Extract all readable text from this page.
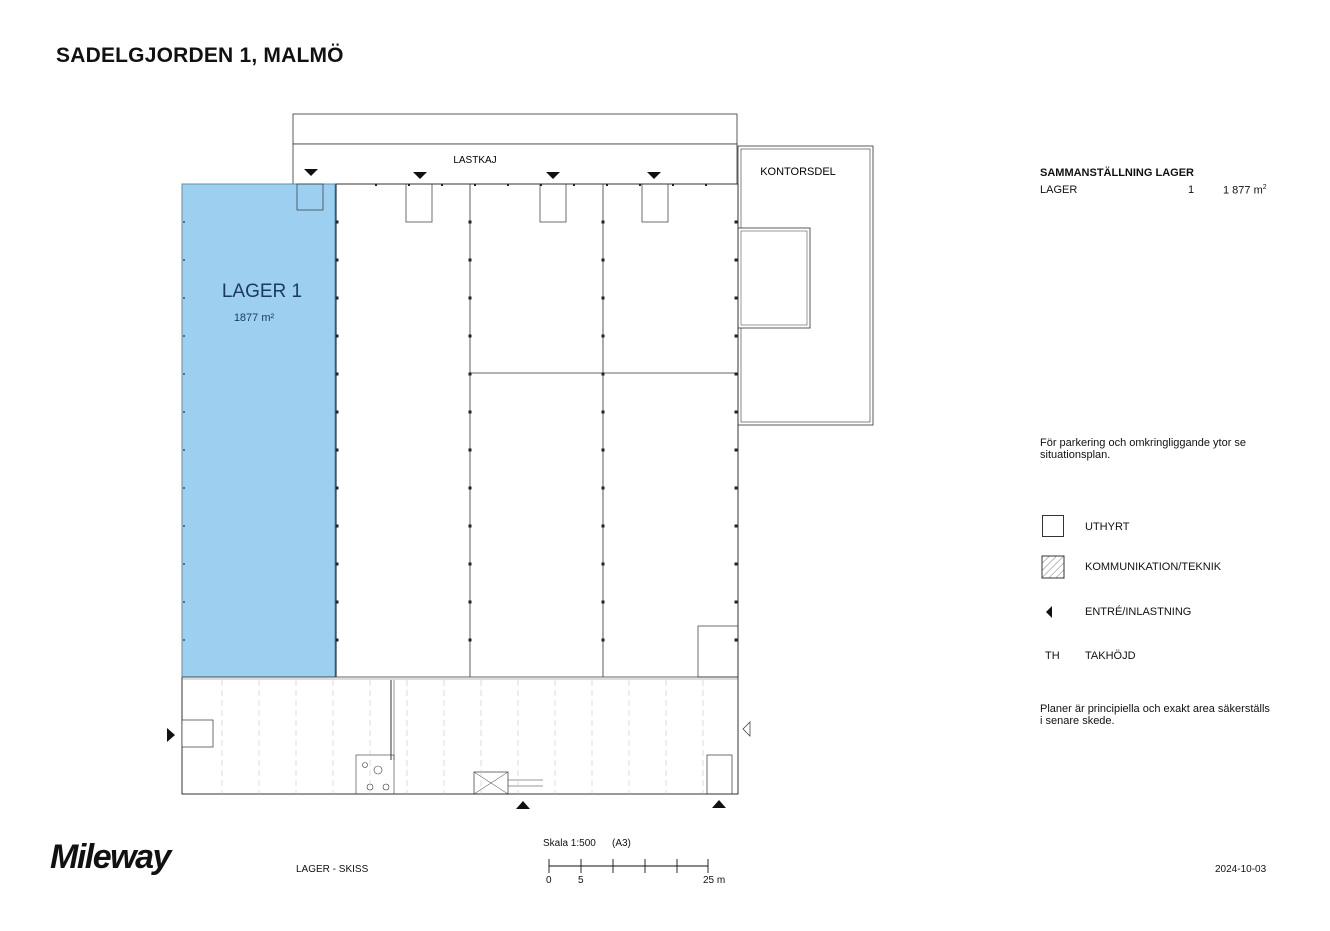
SADELGJORDEN 1, MALMÖ
LASTKAJ
KONTORSDEL
LAGER 1
1877 m²
SAMMANSTÄLLNING LAGER
LAGER	1	1 877 $m^2$
För parkering och omkringliggande ytor se situationsplan.
UTHYRT
KOMMUNIKATION/TEKNIK
ENTRÉ/INLASTNING
TH TAKHÖJD
Planer är principiella och exakt area säkerställs i senare skede.
Mileway	LAGER - SKISS
Skala 1:500 (A3)
0	5	25 m
2024-10-03
